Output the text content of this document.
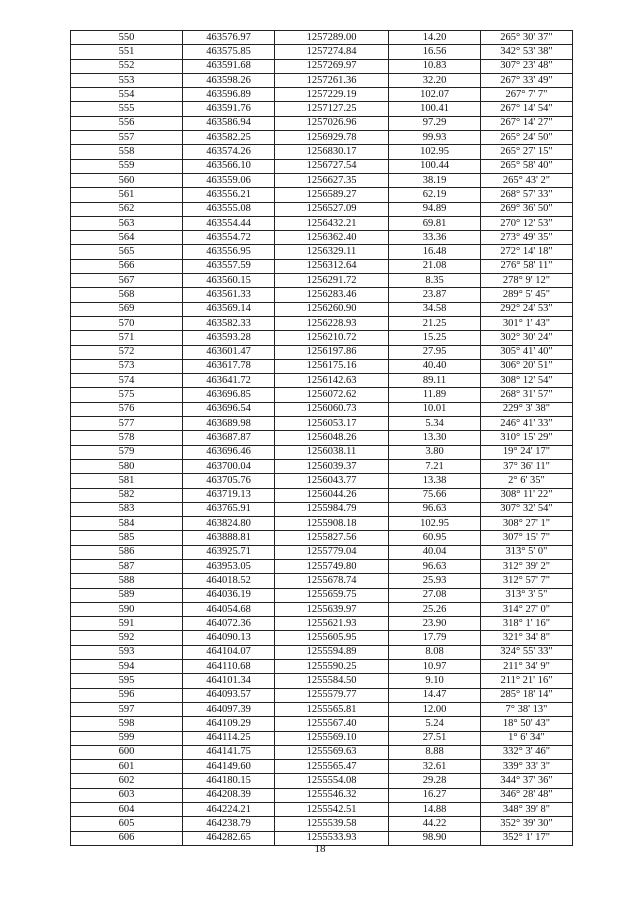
550	463576.97	1257289.00	14.20	265° 30' 37"
551	463575.85	1257274.84	16.56	342° 53' 38"
552	463591.68	1257269.97	10.83	307° 23' 48"
553	463598.26	1257261.36	32.20	267° 33' 49"
554	463596.89	1257229.19	102.07	267° 7' 7"
555	463591.76	1257127.25	100.41	267° 14' 54"
556	463586.94	1257026.96	97.29	267° 14' 27"
557	463582.25	1256929.78	99.93	265° 24' 50"
558	463574.26	1256830.17	102.95	265° 27' 15"
559	463566.10	1256727.54	100.44	265° 58' 40"
560	463559.06	1256627.35	38.19	265° 43' 2"
561	463556.21	1256589.27	62.19	268° 57' 33"
562	463555.08	1256527.09	94.89	269° 36' 50"
563	463554.44	1256432.21	69.81	270° 12' 53"
564	463554.72	1256362.40	33.36	273° 49' 35"
565	463556.95	1256329.11	16.48	272° 14' 18"
566	463557.59	1256312.64	21.08	276° 58' 11"
567	463560.15	1256291.72	8.35	278° 9' 12"
568	463561.33	1256283.46	23.87	289° 5' 45"
569	463569.14	1256260.90	34.58	292° 24' 53"
570	463582.33	1256228.93	21.25	301° 1' 43"
571	463593.28	1256210.72	15.25	302° 30' 24"
572	463601.47	1256197.86	27.95	305° 41' 40"
573	463617.78	1256175.16	40.40	306° 20' 51"
574	463641.72	1256142.63	89.11	308° 12' 54"
575	463696.85	1256072.62	11.89	268° 31' 57"
576	463696.54	1256060.73	10.01	229° 3' 38"
577	463689.98	1256053.17	5.34	246° 41' 33"
578	463687.87	1256048.26	13.30	310° 15' 29"
579	463696.46	1256038.11	3.80	19° 24' 17"
580	463700.04	1256039.37	7.21	37° 36' 11"
581	463705.76	1256043.77	13.38	2° 6' 35"
582	463719.13	1256044.26	75.66	308° 11' 22"
583	463765.91	1255984.79	96.63	307° 32' 54"
584	463824.80	1255908.18	102.95	308° 27' 1"
585	463888.81	1255827.56	60.95	307° 15' 7"
586	463925.71	1255779.04	40.04	313° 5' 0"
587	463953.05	1255749.80	96.63	312° 39' 2"
588	464018.52	1255678.74	25.93	312° 57' 7"
589	464036.19	1255659.75	27.08	313° 3' 5"
590	464054.68	1255639.97	25.26	314° 27' 0"
591	464072.36	1255621.93	23.90	318° 1' 16"
592	464090.13	1255605.95	17.79	321° 34' 8"
593	464104.07	1255594.89	8.08	324° 55' 33"
594	464110.68	1255590.25	10.97	211° 34' 9"
595	464101.34	1255584.50	9.10	211° 21' 16"
596	464093.57	1255579.77	14.47	285° 18' 14"
597	464097.39	1255565.81	12.00	7° 38' 13"
598	464109.29	1255567.40	5.24	18° 50' 43"
599	464114.25	1255569.10	27.51	1° 6' 34"
600	464141.75	1255569.63	8.88	332° 3' 46"
601	464149.60	1255565.47	32.61	339° 33' 3"
602	464180.15	1255554.08	29.28	344° 37' 36"
603	464208.39	1255546.32	16.27	346° 28' 48"
604	464224.21	1255542.51	14.88	348° 39' 8"
605	464238.79	1255539.58	44.22	352° 39' 30"
606	464282.65	1255533.93	98.90	352° 1' 17"
18
